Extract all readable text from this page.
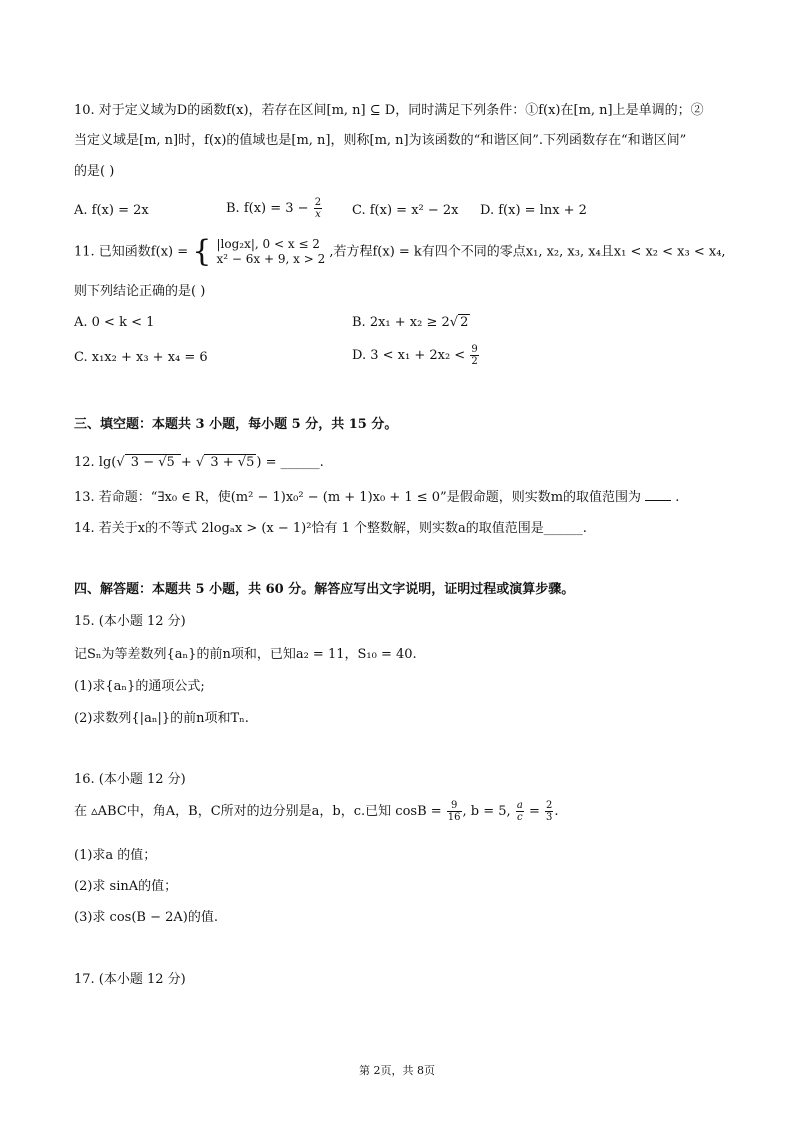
10. 对于定义域为D的函数f(x)，若存在区间[m, n] ⊆ D，同时满足下列条件：①f(x)在[m, n]上是单调的；②
当定义域是[m, n]时，f(x)的值域也是[m, n]，则称[m, n]为该函数的“和谐区间”.下列函数存在“和谐区间”
的是( )
A. f(x) = 2x	B. $f(x) = 3 - \frac{2}{x} C$. f(x) = x² − 2x D. f(x) = lnx + 2
11. 已知函数f(x) = { |log₂x|, 0 < x ≤ 2
x² − 6x + 9, x > 2 ,若方程f(x) = k有四个不同的零点x₁, x₂, x₃, x₄且x₁ < x₂ < x₃ < x₄,
则下列结论正确的是( )
A. 0 < k < 1	B. 2x₁ + x₂ ≥ 2√ 2
C. x₁x₂ + x₃ + x₄ = 6	D. $3 < x_1 + 2x_2 < \frac{9}{2}$
三、填空题：本题共 3 小题，每小题 5 分，共 15 分。
12. lg(√ 3 − √5 + √ 3 + √5 ) = ______.
13. 若命题：“∃x₀ ∈ R，使(m² − 1)x₀² − (m + 1)x₀ + 1 ≤ 0”是假命题，则实数m的取值范围为  .
14. 若关于x的不等式 2logₐx > (x − 1)²恰有 1 个整数解，则实数a的取值范围是______.
四、解答题：本题共 5 小题，共 60 分。解答应写出文字说明，证明过程或演算步骤。
15. (本小题 12 分)
记Sₙ为等差数列{aₙ}的前n项和，已知a₂ = 11，S₁₀ = 40.
(1)求{aₙ}的通项公式;
(2)求数列{|aₙ|}的前n项和Tₙ.
16. (本小题 12 分)
在 ▵ABC中，角A，B，C所对的边分别是a，b，c.已知 $\cos B = \frac{9}{16}$ , b = 5, $\frac{a}{c} = \frac{2}{3}$ .
(1)求a 的值；
(2)求 sinA的值；
(3)求 cos(B − 2A)的值.
17. (本小题 12 分)
第 2页，共 8页
